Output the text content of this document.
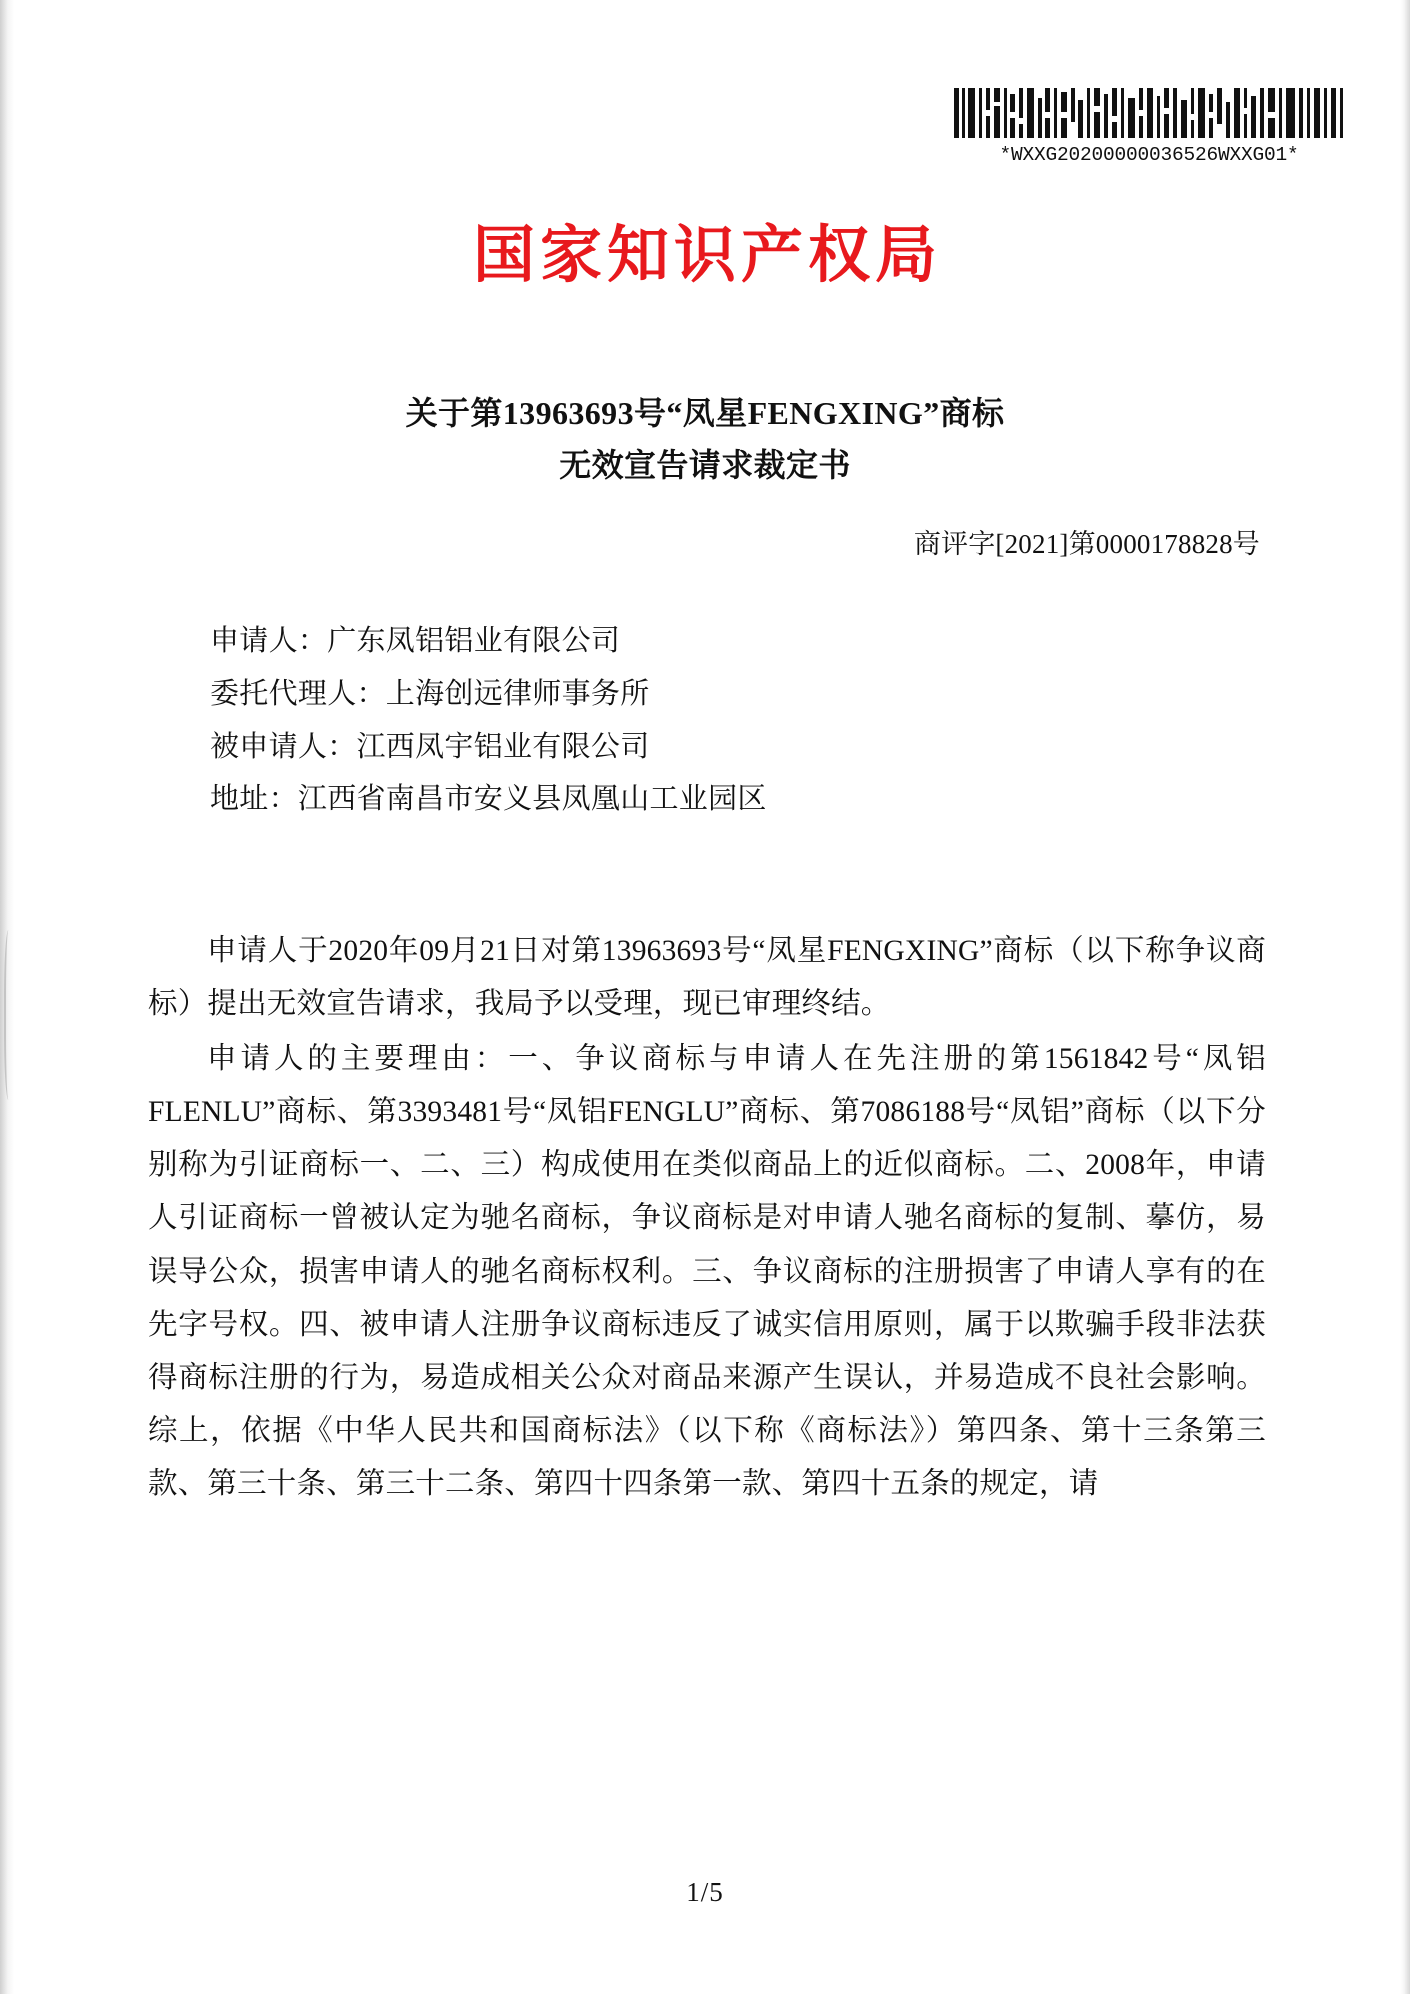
*WXXG20200000036526WXXG01*
国家知识产权局
关于第13963693号“凤星FENGXING”商标
无效宣告请求裁定书
商评字[2021]第0000178828号
申请人：广东凤铝铝业有限公司
委托代理人：上海创远律师事务所
被申请人：江西凤宇铝业有限公司
地址：江西省南昌市安义县凤凰山工业园区

申请人于2020年09月21日对第13963693号“凤星FENGXING”商标（以下称争议商标）提出无效宣告请求，我局予以受理，现已审理终结。

申请人的主要理由：一、争议商标与申请人在先注册的第1561842号“凤铝 FLENLU”商标、第3393481号“凤铝FENGLU”商标、第7086188号“凤铝”商标（以下分别称为引证商标一、二、三）构成使用在类似商品上的近似商标。二、2008年，申请人引证商标一曾被认定为驰名商标，争议商标是对申请人驰名商标的复制、摹仿，易误导公众，损害申请人的驰名商标权利。三、争议商标的注册损害了申请人享有的在先字号权。四、被申请人注册争议商标违反了诚实信用原则，属于以欺骗手段非法获得商标注册的行为，易造成相关公众对商品来源产生误认，并易造成不良社会影响。综上，依据《中华人民共和国商标法》（以下称《商标法》）第四条、第十三条第三款、第三十条、第三十二条、第四十四条第一款、第四十五条的规定，请

1/5
